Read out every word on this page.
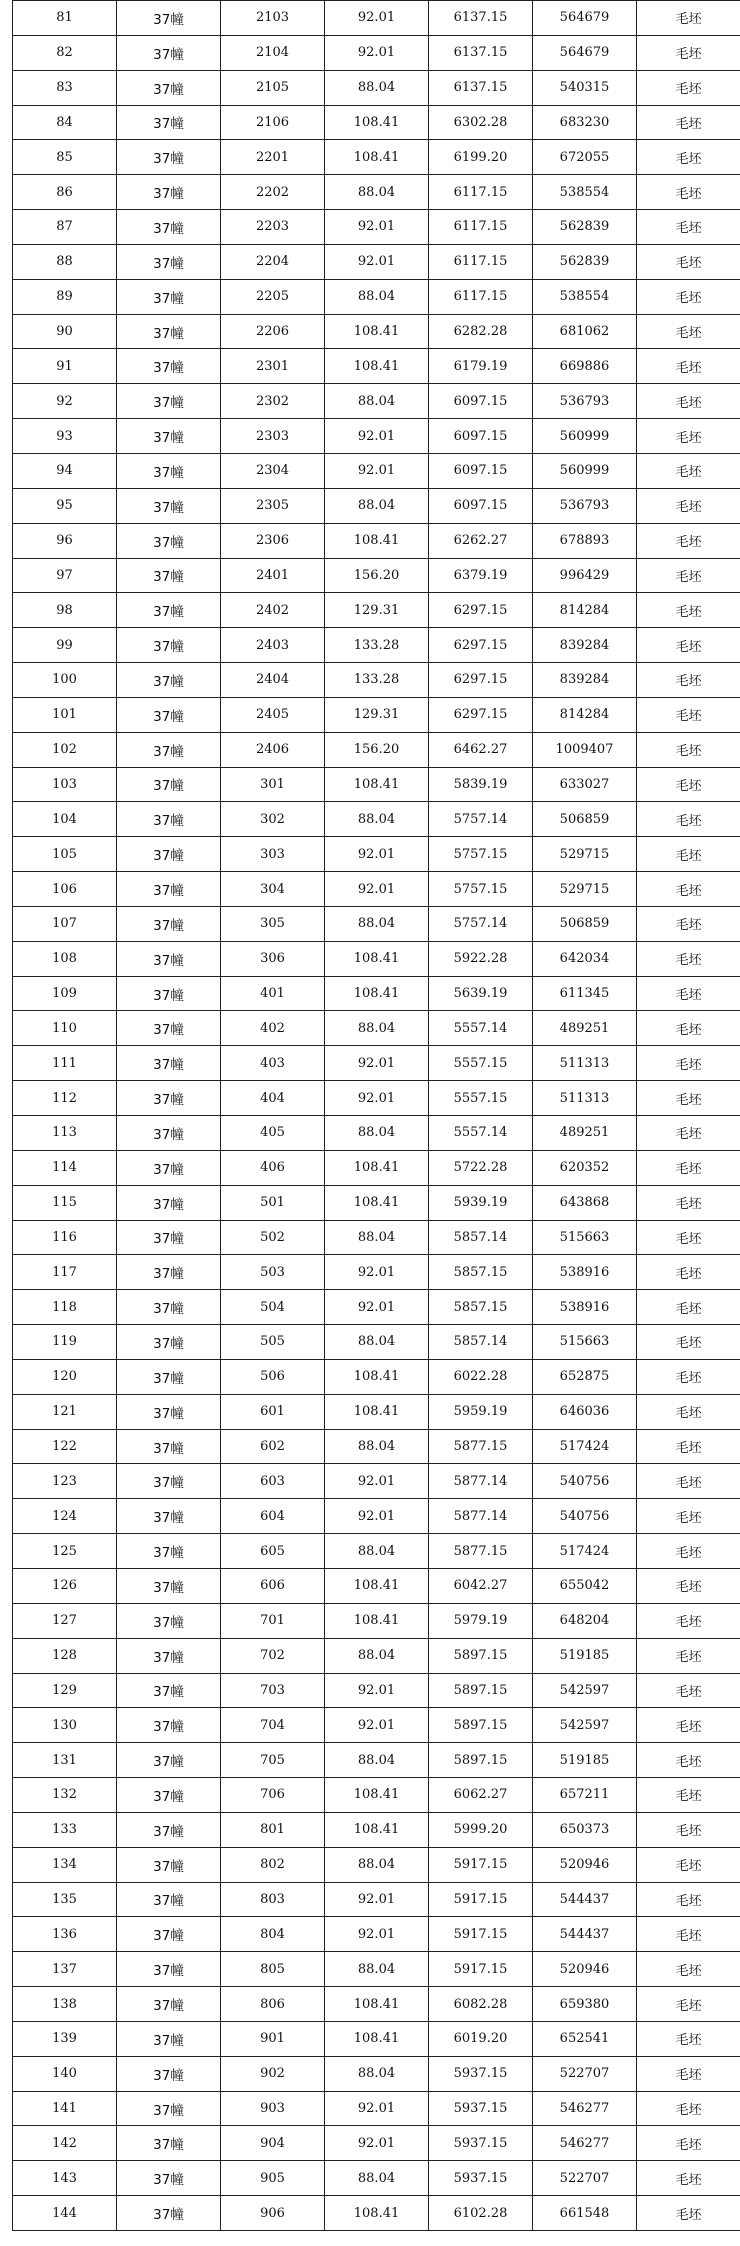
81	37幢	2103	92.01	6137.15	564679	毛坯
82	37幢	2104	92.01	6137.15	564679	毛坯
83	37幢	2105	88.04	6137.15	540315	毛坯
84	37幢	2106	108.41	6302.28	683230	毛坯
85	37幢	2201	108.41	6199.20	672055	毛坯
86	37幢	2202	88.04	6117.15	538554	毛坯
87	37幢	2203	92.01	6117.15	562839	毛坯
88	37幢	2204	92.01	6117.15	562839	毛坯
89	37幢	2205	88.04	6117.15	538554	毛坯
90	37幢	2206	108.41	6282.28	681062	毛坯
91	37幢	2301	108.41	6179.19	669886	毛坯
92	37幢	2302	88.04	6097.15	536793	毛坯
93	37幢	2303	92.01	6097.15	560999	毛坯
94	37幢	2304	92.01	6097.15	560999	毛坯
95	37幢	2305	88.04	6097.15	536793	毛坯
96	37幢	2306	108.41	6262.27	678893	毛坯
97	37幢	2401	156.20	6379.19	996429	毛坯
98	37幢	2402	129.31	6297.15	814284	毛坯
99	37幢	2403	133.28	6297.15	839284	毛坯
100	37幢	2404	133.28	6297.15	839284	毛坯
101	37幢	2405	129.31	6297.15	814284	毛坯
102	37幢	2406	156.20	6462.27	1009407	毛坯
103	37幢	301	108.41	5839.19	633027	毛坯
104	37幢	302	88.04	5757.14	506859	毛坯
105	37幢	303	92.01	5757.15	529715	毛坯
106	37幢	304	92.01	5757.15	529715	毛坯
107	37幢	305	88.04	5757.14	506859	毛坯
108	37幢	306	108.41	5922.28	642034	毛坯
109	37幢	401	108.41	5639.19	611345	毛坯
110	37幢	402	88.04	5557.14	489251	毛坯
111	37幢	403	92.01	5557.15	511313	毛坯
112	37幢	404	92.01	5557.15	511313	毛坯
113	37幢	405	88.04	5557.14	489251	毛坯
114	37幢	406	108.41	5722.28	620352	毛坯
115	37幢	501	108.41	5939.19	643868	毛坯
116	37幢	502	88.04	5857.14	515663	毛坯
117	37幢	503	92.01	5857.15	538916	毛坯
118	37幢	504	92.01	5857.15	538916	毛坯
119	37幢	505	88.04	5857.14	515663	毛坯
120	37幢	506	108.41	6022.28	652875	毛坯
121	37幢	601	108.41	5959.19	646036	毛坯
122	37幢	602	88.04	5877.15	517424	毛坯
123	37幢	603	92.01	5877.14	540756	毛坯
124	37幢	604	92.01	5877.14	540756	毛坯
125	37幢	605	88.04	5877.15	517424	毛坯
126	37幢	606	108.41	6042.27	655042	毛坯
127	37幢	701	108.41	5979.19	648204	毛坯
128	37幢	702	88.04	5897.15	519185	毛坯
129	37幢	703	92.01	5897.15	542597	毛坯
130	37幢	704	92.01	5897.15	542597	毛坯
131	37幢	705	88.04	5897.15	519185	毛坯
132	37幢	706	108.41	6062.27	657211	毛坯
133	37幢	801	108.41	5999.20	650373	毛坯
134	37幢	802	88.04	5917.15	520946	毛坯
135	37幢	803	92.01	5917.15	544437	毛坯
136	37幢	804	92.01	5917.15	544437	毛坯
137	37幢	805	88.04	5917.15	520946	毛坯
138	37幢	806	108.41	6082.28	659380	毛坯
139	37幢	901	108.41	6019.20	652541	毛坯
140	37幢	902	88.04	5937.15	522707	毛坯
141	37幢	903	92.01	5937.15	546277	毛坯
142	37幢	904	92.01	5937.15	546277	毛坯
143	37幢	905	88.04	5937.15	522707	毛坯
144	37幢	906	108.41	6102.28	661548	毛坯
